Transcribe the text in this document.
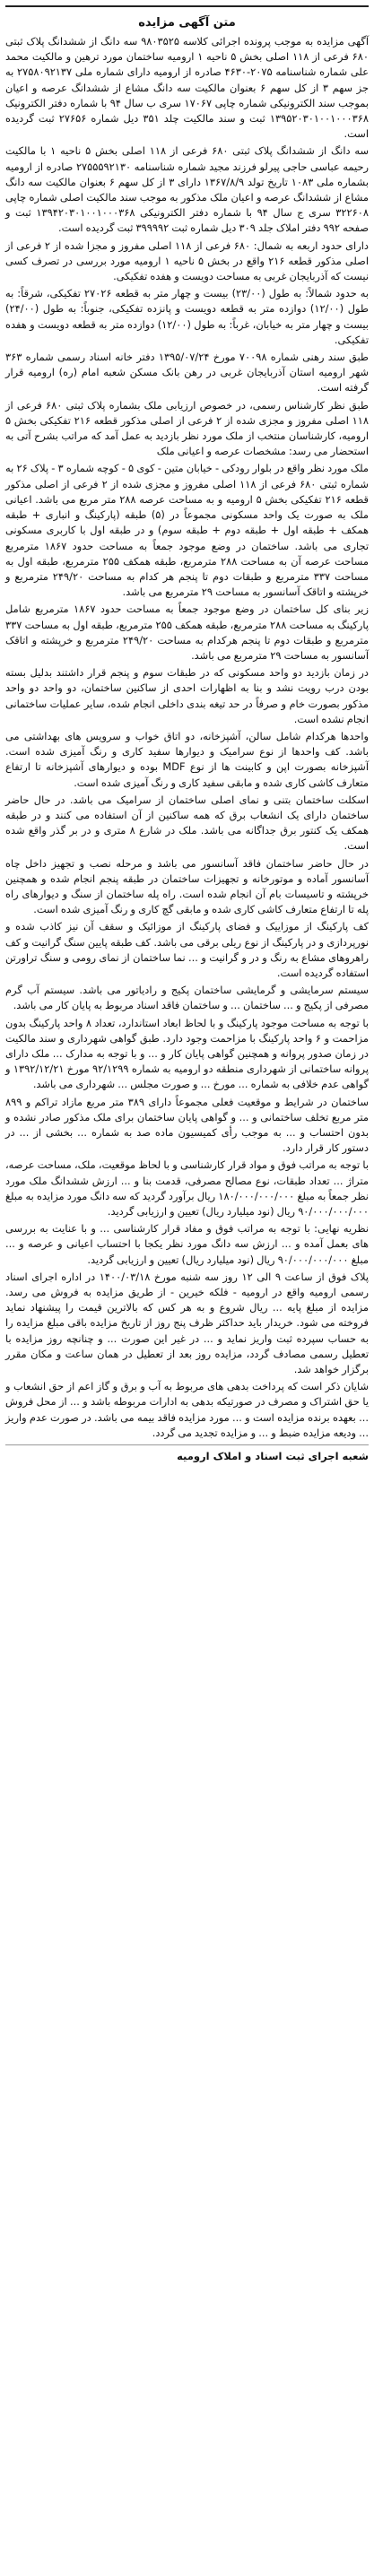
متن آگهی مزایده

آگهی مزایده به موجب پرونده اجرائی کلاسه ۹۸۰۳۵۲۵ سه دانگ از ششدانگ پلاک ثبتی ۶۸۰ فرعی از ۱۱۸ اصلی بخش ۵ ناحیه ۱ ارومیه ساختمان مورد ترهین و مالکیت محمد علی شماره شناسنامه ۲۰۷۵-۴۶۳۰ صادره از ارومیه دارای شماره ملی ۲۷۵۸۰۹۲۱۳۷ به جز سهم ۳ از کل سهم ۶ بعنوان مالکیت سه دانگ مشاع از ششدانگ عرصه و اعیان بموجب سند الکترونیکی شماره چاپی ۱۷۰۶۷ سری ب سال ۹۴ با شماره دفتر الکترونیک ۱۳۹۵۲۰۳۰۱۰۰۱۰۰۰۳۶۸ ثبت و سند مالکیت چلد ۳۵۱ دیل شماره ۲۷۶۵۶ ثبت گردیده است.

سه دانگ از ششدانگ پلاک ثبتی ۶۸۰ فرعی از ۱۱۸ اصلی بخش ۵ ناحیه ۱ با مالکیت رحیمه عباسی حاجی پیرلو فرزند مجید شماره شناسنامه ۲۷۵۵۵۹۲۱۳۰ صادره از ارومیه بشماره ملی ۱۰۸۳ تاریخ تولد ۱۳۶۷/۸/۹ دارای ۳ از کل سهم ۶ بعنوان مالکیت سه دانگ مشاع از ششدانگ عرصه و اعیان ملک مذکور به موجب سند مالکیت اصلی شماره چاپی ۳۲۲۶۰۸ سری ج سال ۹۴ با شماره دفتر الکترونیکی ۱۳۹۴۲۰۳۰۱۰۰۱۰۰۰۳۶۸ ثبت و صفحه ۹۹۲ دفتر املاک جلد ۳۰۹ دیل شماره ثبت ۳۹۹۹۹۲ ثبت گردیده است.

دارای حدود اربعه به شمال: ۶۸۰ فرعی از ۱۱۸ اصلی مفروز و مجزا شده از ۲ فرعی از اصلی مذکور قطعه ۲۱۶ واقع در بخش ۵ ناحیه ۱ ارومیه مورد بررسی در تصرف کسی نیست که آذربایجان غربی به مساحت دویست و هفده تفکیکی.

به حدود شمالاً: به طول (۲۳/۰۰) بیست و چهار متر به قطعه ۲۷۰۲۶ تفکیکی، شرقاً: به طول (۱۲/۰۰) دوازده متر به قطعه دویست و پانزده تفکیکی، جنوباً: به طول (۲۴/۰۰) بیست و چهار متر به خیابان، غرباً: به طول (۱۲/۰۰) دوازده متر به قطعه دویست و هفده تفکیکی.

طبق سند رهنی شماره ۷۰۰۹۸ مورخ ۱۳۹۵/۰۷/۲۴ دفتر خانه اسناد رسمی شماره ۳۶۳ شهر ارومیه استان آذربایجان غربی در رهن بانک مسکن شعبه امام (ره) ارومیه قرار گرفته است.

طبق نظر کارشناس رسمی، در خصوص ارزیابی ملک بشماره پلاک ثبتی ۶۸۰ فرعی از ۱۱۸ اصلی مفروز و مجزی شده از ۲ فرعی از اصلی مذکور قطعه ۲۱۶ تفکیکی بخش ۵ ارومیه، کارشناسان منتخب از ملک مورد نظر بازدید به عمل آمد که مراتب بشرح آتی به استحضار می رسد: مشخصات عرصه و اعیانی ملک

ملک مورد نظر واقع در بلوار رودکی - خیابان متین - کوی ۵ - کوچه شماره ۳ - پلاک ۲۶ به شماره ثبتی ۶۸۰ فرعی از ۱۱۸ اصلی مفروز و مجزی شده از ۲ فرعی از اصلی مذکور قطعه ۲۱۶ تفکیکی بخش ۵ ارومیه و به مساحت عرصه ۲۸۸ متر مربع می باشد. اعیانی ملک به صورت یک واحد مسکونی مجموعاً در (۵) طبقه (پارکینگ و انباری + طبقه همکف + طبقه اول + طبقه دوم + طبقه سوم) و در طبقه اول با کاربری مسکونی تجاری می باشد. ساختمان در وضع موجود جمعاً به مساحت حدود ۱۸۶۷ مترمربع مساحت عرصه آن به مساحت ۲۸۸ مترمربع، طبقه همکف ۲۵۵ مترمربع، طبقه اول به مساحت ۳۳۷ مترمربع و طبقات دوم تا پنجم هر کدام به مساحت ۲۴۹/۲۰ مترمربع و خرپشته و اتاقک آسانسور به مساحت ۲۹ مترمربع می باشد.

زیر بنای کل ساختمان در وضع موجود جمعاً به مساحت حدود ۱۸۶۷ مترمربع شامل پارکینگ به مساحت ۲۸۸ مترمربع، طبقه همکف ۲۵۵ مترمربع، طبقه اول به مساحت ۳۳۷ مترمربع و طبقات دوم تا پنجم هرکدام به مساحت ۲۴۹/۲۰ مترمربع و خرپشته و اتاقک آسانسور به مساحت ۲۹ مترمربع می باشد.

در زمان بازدید دو واحد مسکونی که در طبقات سوم و پنجم قرار داشتند بدلیل بسته بودن درب رویت نشد و بنا به اظهارات احدی از ساکنین ساختمان، دو واحد دو واحد مذکور بصورت خام و صرفاً در حد تیغه بندی داخلی انجام شده، سایر عملیات ساختمانی انجام نشده است.

واحدها هرکدام شامل سالن، آشپزخانه، دو اتاق خواب و سرویس های بهداشتی می باشد. کف واحدها از نوع سرامیک و دیوارها سفید کاری و رنگ آمیزی شده است. آشپزخانه بصورت اپن و کابینت ها از نوع MDF بوده و دیوارهای آشپزخانه تا ارتفاع متعارف کاشی کاری شده و مابقی سفید کاری و رنگ آمیزی شده است.

اسکلت ساختمان بتنی و نمای اصلی ساختمان از سرامیک می باشد. در حال حاضر ساختمان دارای یک انشعاب برق که همه ساکنین از آن استفاده می کنند و در طبقه همکف یک کنتور برق جداگانه می باشد. ملک در شارع ۸ متری و در بر گذر واقع شده است.

در حال حاضر ساختمان فاقد آسانسور می باشد و مرحله نصب و تجهیز داخل چاه آسانسور آماده و موتورخانه و تجهیزات ساختمان در طبقه پنجم انجام شده و همچنین خرپشته و تاسیسات بام آن انجام شده است. راه پله ساختمان از سنگ و دیوارهای راه پله تا ارتفاع متعارف کاشی کاری شده و مابقی گچ کاری و رنگ آمیزی شده است.

کف پارکینگ از موزاییک و فضای پارکینگ از موزائیک و سقف آن نیز کاذب شده و نورپردازی و در پارکینگ از نوع ریلی برقی می باشد. کف طبقه پایین سنگ گرانیت و کف راهروهای مشاع به رنگ و در و گرانیت و ... نما ساختمان از نمای رومی و سنگ تراورتن استفاده گردیده است.

سیستم سرمایشی و گرمایشی ساختمان پکیج و رادیاتور می باشد. سیستم آب گرم مصرفی از پکیج و ... ساختمان ... و ساختمان فاقد اسناد مربوط به پایان کار می باشد.

با توجه به مساحت موجود پارکینگ و با لحاظ ابعاد استاندارد، تعداد ۸ واحد پارکینگ بدون مزاحمت و ۶ واحد پارکینگ با مزاحمت وجود دارد. طبق گواهی شهرداری و سند مالکیت در زمان صدور پروانه و همچنین گواهی پایان کار و ... و با توجه به مدارک ... ملک دارای پروانه ساختمانی از شهرداری منطقه دو ارومیه به شماره ۹۲/۱۲۹۹ مورخ ۱۳۹۲/۱۲/۲۱ و گواهی عدم خلافی به شماره ... مورخ ... و صورت مجلس ... شهرداری می باشد.

ساختمان در شرایط و موقعیت فعلی مجموعاً دارای ۳۸۹ متر مربع مازاد تراکم و ۸۹۹ متر مربع تخلف ساختمانی و ... و گواهی پایان ساختمان برای ملک مذکور صادر نشده و بدون احتساب و ... به موجب رأی کمیسیون ماده صد به شماره ... بخشی از ... در دستور کار قرار دارد.

با توجه به مراتب فوق و مواد قرار کارشناسی و با لحاظ موقعیت، ملک، مساحت عرصه، متراژ ... تعداد طبقات، نوع مصالح مصرفی، قدمت بنا و ... ارزش ششدانگ ملک مورد نظر جمعاً به مبلغ ۱۸۰/۰۰۰/۰۰۰/۰۰۰ ریال برآورد گردید که سه دانگ مورد مزایده به مبلغ ۹۰/۰۰۰/۰۰۰/۰۰۰ ریال (نود میلیارد ریال) تعیین و ارزیابی گردید.

نظریه نهایی: با توجه به مراتب فوق و مفاد قرار کارشناسی ... و با عنایت به بررسی های بعمل آمده و ... ارزش سه دانگ مورد نظر یکجا با احتساب اعیانی و عرصه و ... مبلغ ۹۰/۰۰۰/۰۰۰/۰۰۰ ریال (نود میلیارد ریال) تعیین و ارزیابی گردید.

پلاک فوق از ساعت ۹ الی ۱۲ روز سه شنبه مورخ ۱۴۰۰/۰۳/۱۸ در اداره اجرای اسناد رسمی ارومیه واقع در ارومیه - فلکه خیرین - از طریق مزایده به فروش می رسد. مزایده از مبلغ پایه ... ریال شروع و به هر کس که بالاترین قیمت را پیشنهاد نماید فروخته می شود. خریدار باید حداکثر ظرف پنج روز از تاریخ مزایده باقی مبلغ مزایده را به حساب سپرده ثبت واریز نماید و ... در غیر این صورت ... و چنانچه روز مزایده با تعطیل رسمی مصادف گردد، مزایده روز بعد از تعطیل در همان ساعت و مکان مقرر برگزار خواهد شد.

شایان ذکر است که پرداخت بدهی های مربوط به آب و برق و گاز اعم از حق انشعاب و یا حق اشتراک و مصرف در صورتیکه بدهی به ادارات مربوطه باشد و ... از محل فروش ... بعهده برنده مزایده است و ... مورد مزایده فاقد بیمه می باشد. در صورت عدم واریز ... ودیعه مزایده ضبط و ... و مزایده تجدید می گردد.

شعبه اجرای ثبت اسناد و املاک ارومیه
